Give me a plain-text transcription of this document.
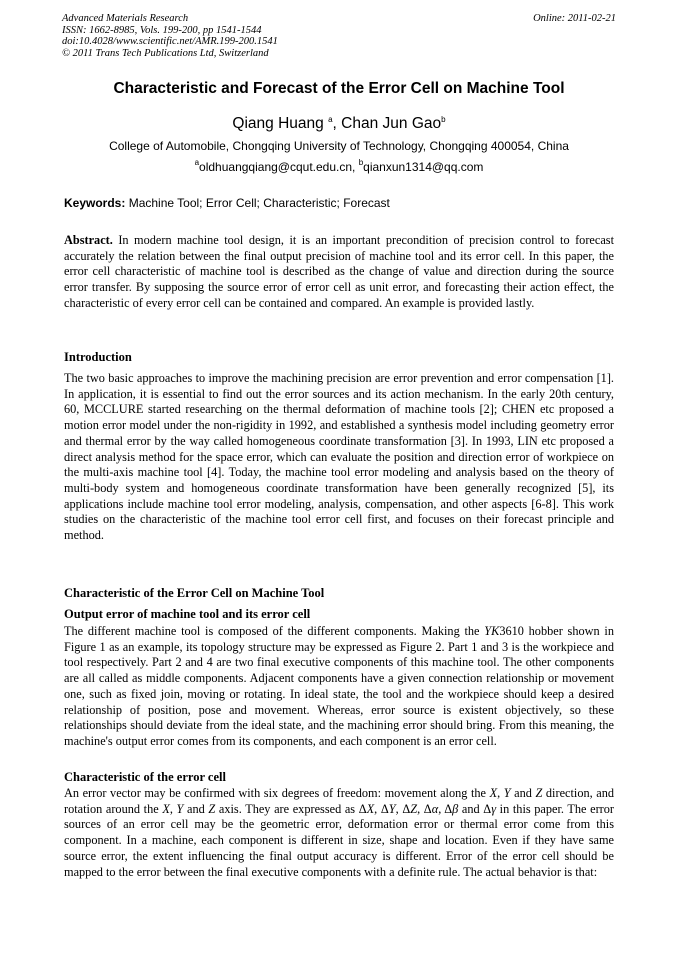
Advanced Materials Research
ISSN: 1662-8985, Vols. 199-200, pp 1541-1544
doi:10.4028/www.scientific.net/AMR.199-200.1541
© 2011 Trans Tech Publications Ltd, Switzerland
Online: 2011-02-21
Characteristic and Forecast of the Error Cell on Machine Tool
Qiang Huang $^a$, Chan Jun Gao$^b$
College of Automobile, Chongqing University of Technology, Chongqing 400054, China
$^a$oldhuangqiang@cqut.edu.cn, $^b$qianxun1314@qq.com
Keywords: Machine Tool; Error Cell; Characteristic; Forecast
Abstract. In modern machine tool design, it is an important precondition of precision control to forecast accurately the relation between the final output precision of machine tool and its error cell. In this paper, the error cell characteristic of machine tool is described as the change of value and direction during the source error transfer. By supposing the source error of error cell as unit error, and forecasting their action effect, the characteristic of every error cell can be contained and compared. An example is provided lastly.
Introduction
The two basic approaches to improve the machining precision are error prevention and error compensation [1]. In application, it is essential to find out the error sources and its action mechanism. In the early 20th century, 60, MCCLURE started researching on the thermal deformation of machine tools [2]; CHEN etc proposed a motion error model under the non-rigidity in 1992, and established a synthesis model including geometry error and thermal error by the way called homogeneous coordinate transformation [3]. In 1993, LIN etc proposed a direct analysis method for the space error, which can evaluate the position and direction error of workpiece on the multi-axis machine tool [4]. Today, the machine tool error modeling and analysis based on the theory of multi-body system and homogeneous coordinate transformation have been generally recognized [5], its applications include machine tool error modeling, analysis, compensation, and other aspects [6-8]. This work studies on the characteristic of the machine tool error cell first, and focuses on their forecast principle and method.
Characteristic of the Error Cell on Machine Tool
Output error of machine tool and its error cell
The different machine tool is composed of the different components. Making the YK3610 hobber shown in Figure 1 as an example, its topology structure may be expressed as Figure 2. Part 1 and 3 is the workpiece and tool respectively. Part 2 and 4 are two final executive components of this machine tool. The other components are all called as middle components. Adjacent components have a given connection relationship or movement one, such as fixed join, moving or rotating. In ideal state, the tool and the workpiece should keep a desired relationship of position, pose and movement. Whereas, error source is existent objectively, so these relationships should deviate from the ideal state, and the machining error should bring. From this meaning, the machine's output error comes from its components, and each component is an error cell.
Characteristic of the error cell
An error vector may be confirmed with six degrees of freedom: movement along the X, Y and Z direction, and rotation around the X, Y and Z axis. They are expressed as ΔX, ΔY, ΔZ, Δα, Δβ and Δγ in this paper. The error sources of an error cell may be the geometric error, deformation error or thermal error come from this component. In a machine, each component is different in size, shape and location. Even if they have same source error, the extent influencing the final output accuracy is different. Error of the error cell should be mapped to the error between the final executive components with a definite rule. The actual behavior is that:
